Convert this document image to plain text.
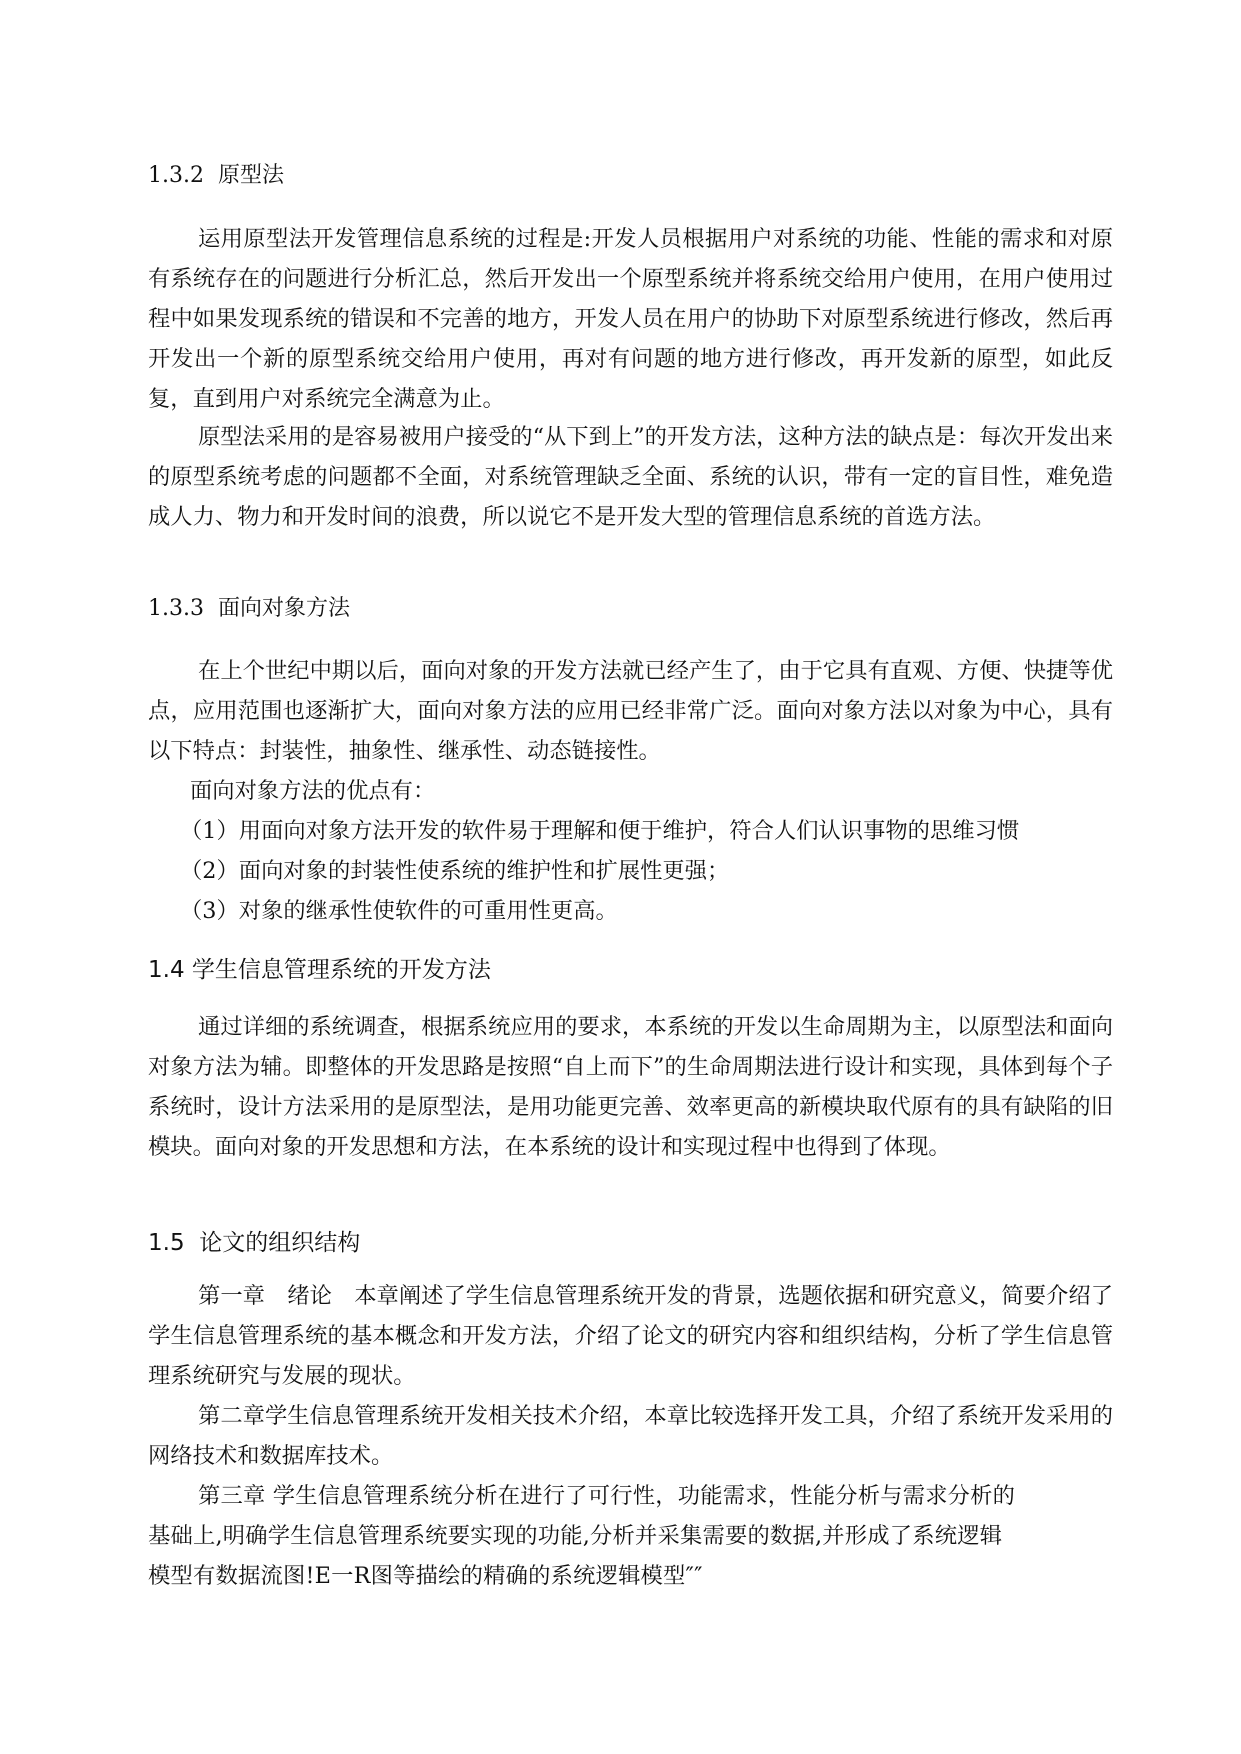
1.3.2 原型法

运用原型法开发管理信息系统的过程是:开发人员根据用户对系统的功能、性能的需求和对原有系统存在的问题进行分析汇总，然后开发出一个原型系统并将系统交给用户使用，在用户使用过程中如果发现系统的错误和不完善的地方，开发人员在用户的协助下对原型系统进行修改，然后再开发出一个新的原型系统交给用户使用，再对有问题的地方进行修改，再开发新的原型，如此反复，直到用户对系统完全满意为止。

原型法采用的是容易被用户接受的“从下到上”的开发方法，这种方法的缺点是：每次开发出来的原型系统考虑的问题都不全面，对系统管理缺乏全面、系统的认识，带有一定的盲目性，难免造成人力、物力和开发时间的浪费，所以说它不是开发大型的管理信息系统的首选方法。

1.3.3 面向对象方法

在上个世纪中期以后，面向对象的开发方法就已经产生了，由于它具有直观、方便、快捷等优点，应用范围也逐渐扩大，面向对象方法的应用已经非常广泛。面向对象方法以对象为中心，具有以下特点：封装性，抽象性、继承性、动态链接性。

面向对象方法的优点有：

（1）用面向对象方法开发的软件易于理解和便于维护，符合人们认识事物的思维习惯

（2）面向对象的封装性使系统的维护性和扩展性更强；

（3）对象的继承性使软件的可重用性更高。

1.4 学生信息管理系统的开发方法

通过详细的系统调查，根据系统应用的要求，本系统的开发以生命周期为主，以原型法和面向对象方法为辅。即整体的开发思路是按照“自上而下”的生命周期法进行设计和实现，具体到每个子系统时，设计方法采用的是原型法，是用功能更完善、效率更高的新模块取代原有的具有缺陷的旧模块。面向对象的开发思想和方法，在本系统的设计和实现过程中也得到了体现。

1.5 论文的组织结构

第一章　绪论　本章阐述了学生信息管理系统开发的背景，选题依据和研究意义，简要介绍了学生信息管理系统的基本概念和开发方法，介绍了论文的研究内容和组织结构，分析了学生信息管理系统研究与发展的现状。

第二章学生信息管理系统开发相关技术介绍，本章比较选择开发工具，介绍了系统开发采用的网络技术和数据库技术。

第三章 学生信息管理系统分析在进行了可行性，功能需求，性能分析与需求分析的基础上,明确学生信息管理系统要实现的功能,分析并采集需要的数据,并形成了系统逻辑模型有数据流图!E一R图等描绘的精确的系统逻辑模型″″
